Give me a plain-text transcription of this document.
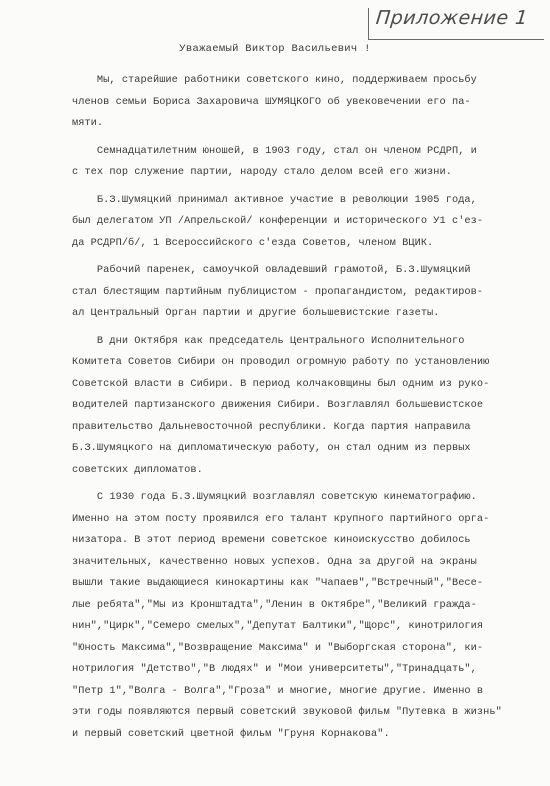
Приложение 1
Уважаемый Виктор Васильевич !
Мы, старейшие работники советского кино, поддерживаем просьбу
членов семьи Бориса Захаровича ШУМЯЦКОГО об увековечении его па-
мяти.
Семнадцатилетним юношей, в 1903 году, стал он членом РСДРП, и
с тех пор служение партии, народу стало делом всей его жизни.
Б.З.Шумяцкий принимал активное участие в революции 1905 года,
был делегатом УП /Апрельской/ конференции и исторического У1 с'ез-
да РСДРП/б/, 1 Всероссийского с'езда Советов, членом ВЦИК.
Рабочий паренек, самоучкой овладевший грамотой, Б.З.Шумяцкий
стал блестящим партийным публицистом - пропагандистом, редактиров-
ал Центральный Орган партии и другие большевистские газеты.
В дни Октября как председатель Центрального Исполнительного
Комитета Советов Сибири он проводил огромную работу по установлению
Советской власти в Сибири. В период колчаковщины был одним из руко-
водителей партизанского движения Сибири. Возглавлял большевистское
правительство Дальневосточной республики. Когда партия направила
Б.З.Шумяцкого на дипломатическую работу, он стал одним из первых
советских дипломатов.
С 1930 года Б.З.Шумяцкий возглавлял советскую кинематографию.
Именно на этом посту проявился его талант крупного партийного орга-
низатора. В этот период времени советское киноискусство добилось
значительных, качественно новых успехов. Одна за другой на экраны
вышли такие выдающиеся кинокартины как "Чапаев","Встречный","Весе-
лые ребята","Мы из Кронштадта","Ленин в Октябре","Великий гражда-
нин","Цирк","Семеро смелых","Депутат Балтики","Щорс", кинотрилогия
"Юность Максима","Возвращение Максима" и "Выборгская сторона", ки-
нотрилогия "Детство","В людях" и "Мои университеты","Тринадцать",
"Петр 1","Волга - Волга","Гроза" и многие, многие другие. Именно в
эти годы появляются первый советский звуковой фильм "Путевка в жизнь"
и первый советский цветной фильм "Груня Корнакова".
